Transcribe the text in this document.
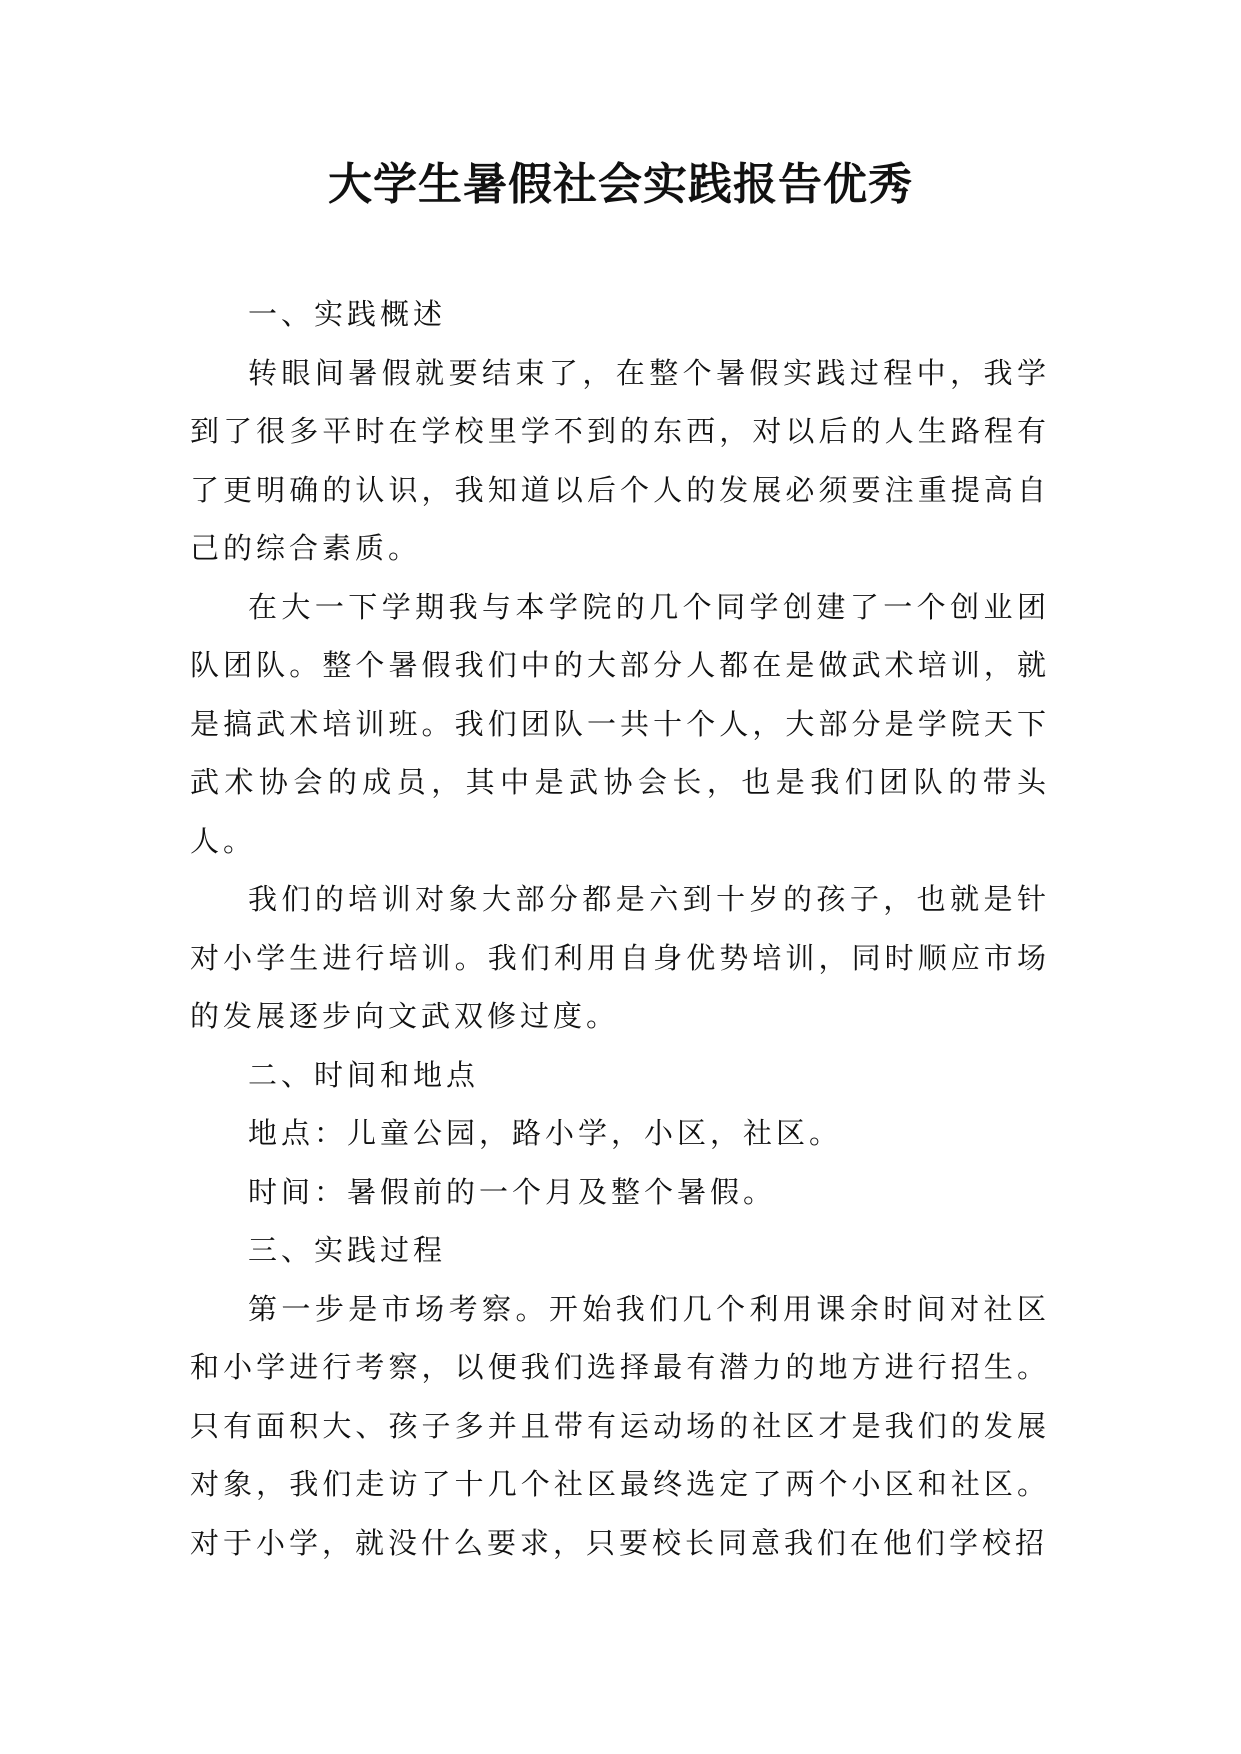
大学生暑假社会实践报告优秀

一、实践概述

转眼间暑假就要结束了，在整个暑假实践过程中，我学到了很多平时在学校里学不到的东西，对以后的人生路程有了更明确的认识，我知道以后个人的发展必须要注重提高自己的综合素质。

在大一下学期我与本学院的几个同学创建了一个创业团队团队。整个暑假我们中的大部分人都在是做武术培训，就是搞武术培训班。我们团队一共十个人，大部分是学院天下武术协会的成员，其中是武协会长，也是我们团队的带头人。

我们的培训对象大部分都是六到十岁的孩子，也就是针对小学生进行培训。我们利用自身优势培训，同时顺应市场的发展逐步向文武双修过度。

二、时间和地点

地点：儿童公园，路小学，小区，社区。

时间：暑假前的一个月及整个暑假。

三、实践过程

第一步是市场考察。开始我们几个利用课余时间对社区和小学进行考察，以便我们选择最有潜力的地方进行招生。只有面积大、孩子多并且带有运动场的社区才是我们的发展对象，我们走访了十几个社区最终选定了两个小区和社区。对于小学，就没什么要求，只要校长同意我们在他们学校招
